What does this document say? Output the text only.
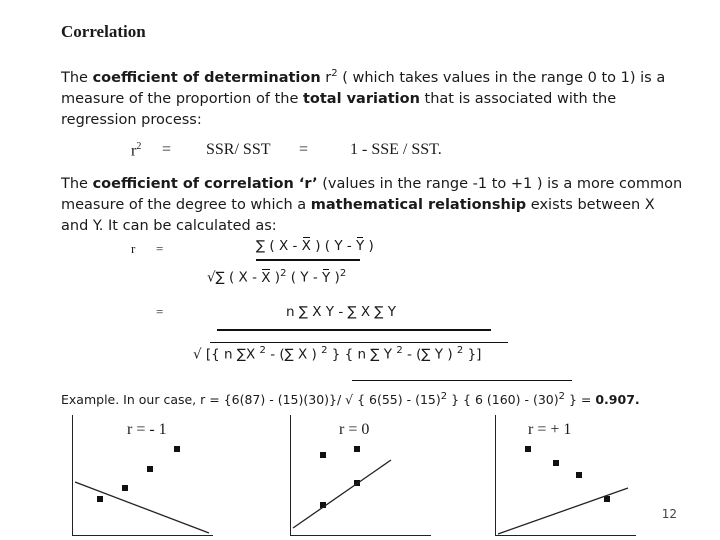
Correlation
The coefficient of determination $r^2$ ( which takes values in the range 0 to 1) is a
measure of the proportion of the total variation that is associated with the
regression process:
$r^2 = SSR/$ SST =	1 - SSE / SST.
The coefficient of correlation ‘r’ (values in the range -1 to +1 ) is a more common
measure of the degree to which a mathematical relationship exists between X
and Y. It can be calculated as:
r =	∑ ( X - X ) ( Y - Y )
√∑ ( X - X )$^2$ ( Y - Y )$^2$
=	n ∑ X Y - ∑ X ∑ Y
√ [{ n ∑X $^2$ - (∑ X ) $^2$ } { n ∑ Y $^2$ - (∑ Y ) $^2$ }]
Example. In our case, r = {6(87) - (15)(30)}/ √ { $6(55) - (15)^2$ } { 6 $(160) - (30)^2$ } = 0.907.
r = - 1	r = 0	r = + 1
12
